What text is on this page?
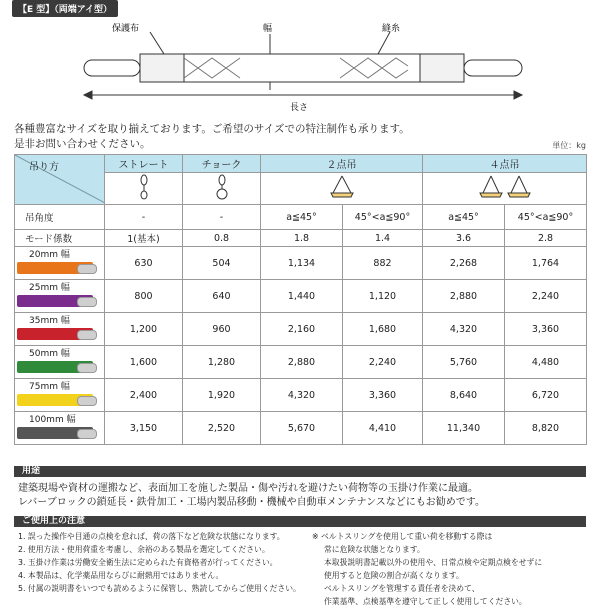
【E 型】（両端アイ型）
保護布	幅	縫糸
長さ
各種豊富なサイズを取り揃えております。ご希望のサイズでの特注制作も承ります。
是非お問い合わせください。	単位：kg
吊り方	ストレート	チョーク	２点吊		４点吊	

吊角度	-	-	a≦45°	45°<a≦90°	a≦45°	45°<a≦90°
モード係数	1(基本)	0.8	1.8	1.4	3.6	2.8

20mm 幅	630	504	1,134	882	2,268	1,764

25mm 幅	800	640	1,440	1,120	2,880	2,240

35mm 幅	1,200	960	2,160	1,680	4,320	3,360

50mm 幅	1,600	1,280	2,880	2,240	5,760	4,480

75mm 幅	2,400	1,920	4,320	3,360	8,640	6,720

100mm 幅	3,150	2,520	5,670	4,410	11,340	8,820
用途
建築現場や資材の運搬など、表面加工を施した製品・傷や汚れを避けたい荷物等の玉掛け作業に最適。
レバーブロックの鎖延長・鉄骨加工・工場内製品移動・機械や自動車メンテナンスなどにもお勧めです。
ご使用上の注意
1. 誤った操作や目通の点検を怠れば、荷の落下など危険な状態になります。
2. 使用方法・使用荷重を考慮し、余裕のある製品を選定してください。
3. 玉掛け作業は労働安全衛生法に定められた有資格者が行ってください。
4. 本製品は、化学薬品用ならびに耐熱用ではありません。
5. 付属の説明書をいつでも読めるように保管し、熟読してからご使用ください。
※ ベルトスリングを使用して重い荷を移動する際は
常に危険な状態となります。
本取扱説明書記載以外の使用や、日常点検や定期点検をせずに
使用すると危険の割合が高くなります。
ベルトスリングを管理する責任者を決めて、
作業基準、点検基準を遵守して正しく使用してください。
